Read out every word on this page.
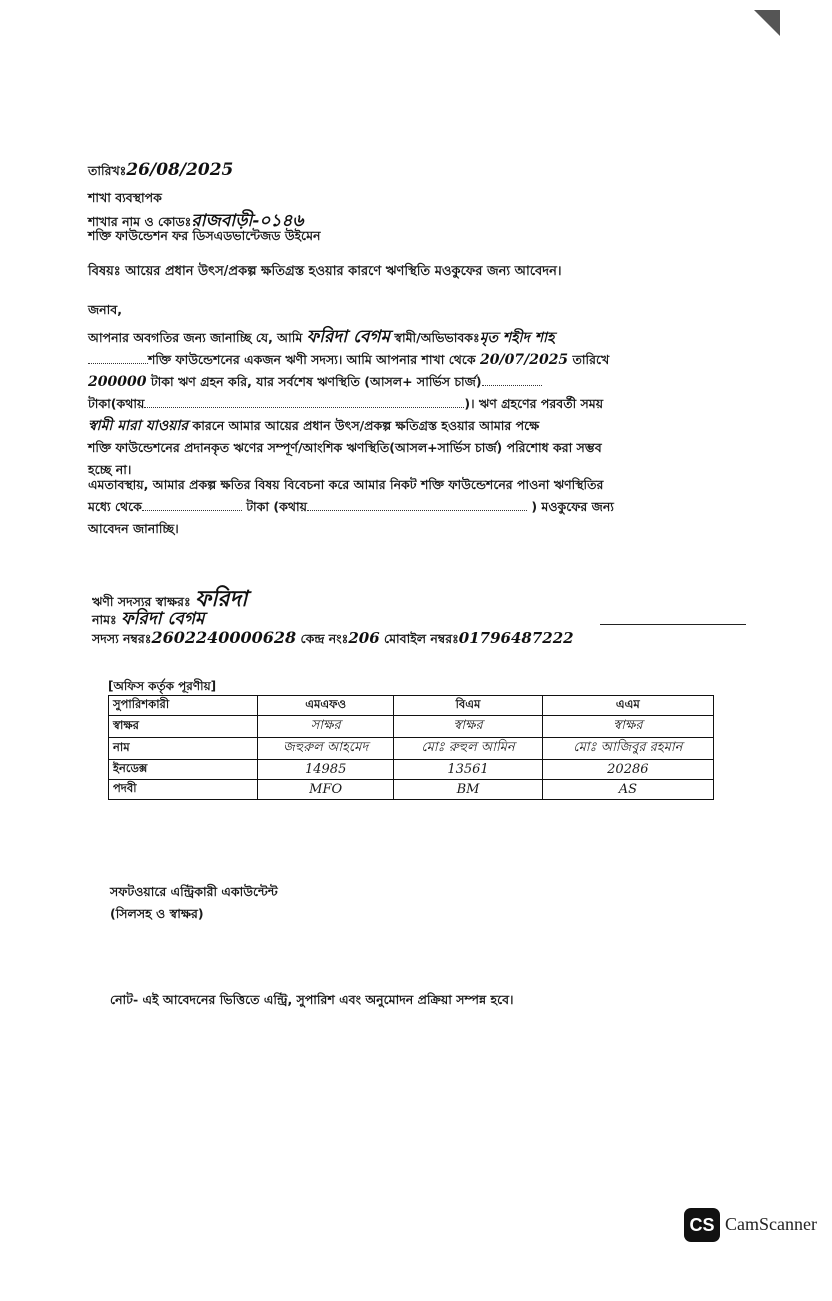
তারিখঃ26/08/2025
শাখা ব্যবস্থাপক
শাখার নাম ও কোডঃরাজবাড়ী-০১৪৬
শক্তি ফাউন্ডেশন ফর ডিসএডভান্টেজড উইমেন
বিষয়ঃ আয়ের প্রধান উৎস/প্রকল্প ক্ষতিগ্রস্ত হওয়ার কারণে ঋণস্থিতি মওকুফের জন্য আবেদন।
জনাব,
আপনার অবগতির জন্য জানাচ্ছি যে, আমি ফরিদা বেগম স্বামী/অভিভাবকঃমৃত শহীদ শাহ
শক্তি ফাউন্ডেশনের একজন ঋণী সদস্য। আমি আপনার শাখা থেকে 20/07/2025 তারিখে
200000 টাকা ঋণ গ্রহন করি, যার সর্বশেষ ঋণস্থিতি (আসল+ সার্ভিস চার্জ)
টাকা(কথায়	)। ঋণ গ্রহণের পরবর্তী সময়
স্বামী মারা যাওয়ার কারনে আমার আয়ের প্রধান উৎস/প্রকল্প ক্ষতিগ্রস্ত হওয়ার আমার পক্ষে
শক্তি ফাউন্ডেশনের প্রদানকৃত ঋণের সম্পূর্ণ/আংশিক ঋণস্থিতি(আসল+সার্ভিস চার্জ) পরিশোধ করা সম্ভব
হচ্ছে না।
এমতাবস্থায়, আমার প্রকল্প ক্ষতির বিষয় বিবেচনা করে আমার নিকট শক্তি ফাউন্ডেশনের পাওনা ঋণস্থিতির
মধ্যে থেকে	টাকা (কথায়	) মওকুফের জন্য
আবেদন জানাচ্ছি।
ঋণী সদস্যর স্বাক্ষরঃ ফরিদা
নামঃ ফরিদা বেগম
সদস্য নম্বরঃ2602240000628 কেন্দ্র নংঃ206 মোবাইল নম্বরঃ01796487222
[অফিস কর্তৃক পূরণীয়]
সুপারিশকারী	এমএফও	বিএম	এএম
স্বাক্ষর	সাক্ষর	স্বাক্ষর	স্বাক্ষর
নাম	জহুরুল আহমেদ	মোঃ রুহুল আমিন	মোঃ আজিবুর রহমান
ইনডেক্স	14985	13561	20286
পদবী	MFO	BM	AS
সফটওয়ারে এন্ট্রিকারী একাউন্টেন্ট
(সিলসহ ও স্বাক্ষর)
নোট- এই আবেদনের ভিত্তিতে এন্ট্রি, সুপারিশ এবং অনুমোদন প্রক্রিয়া সম্পন্ন হবে।
CS CamScanner
